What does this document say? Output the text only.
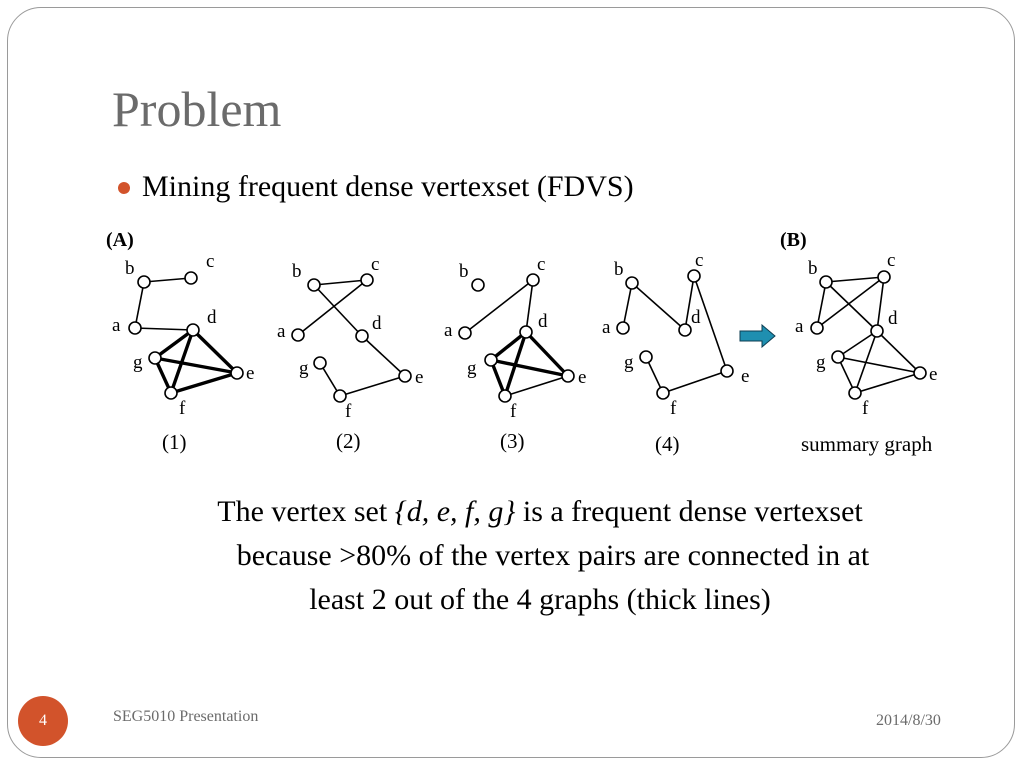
Problem
Mining frequent dense vertexset (FDVS)
(A)	(B)
b	c
a	d
g
e
f
b	c
a	d
g	e
f
b	c
a	d
g	e
f
b	c
a	d
g
e
f
(1)	(2)	(3)	(4)
b	c
a	d
g
e
f
summary graph
The vertex set {d, e, f, g} is a frequent dense vertexset
because >80% of the vertex pairs are connected in at
least 2 out of the 4 graphs (thick lines)
4	SEG5010 Presentation	2014/8/30
